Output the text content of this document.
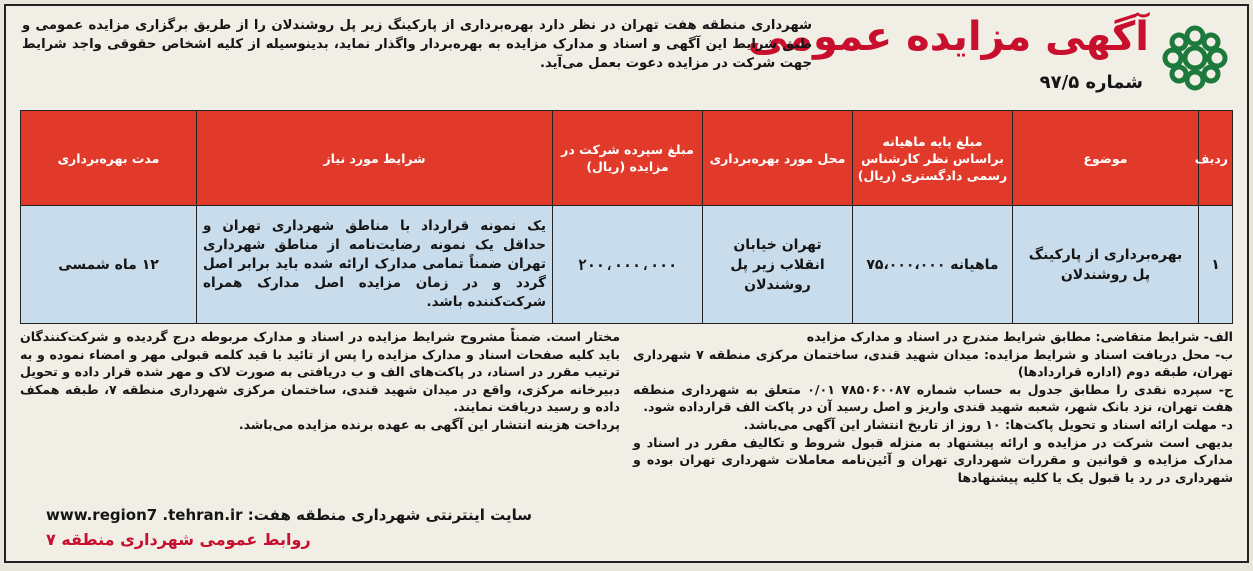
آگهی مزایده عمومی
شماره ۹۷/۵
شهرداری منطقه هفت تهران در نظر دارد بهره‌برداری از پارکینگ زیر پل روشندلان را از طریق برگزاری مزایده عمومی و طبق شرایط این آگهی و اسناد و مدارک مزایده به بهره‌بردار واگذار نماید، بدینوسیله از کلیه اشخاص حقوقی واجد شرایط جهت شرکت در مزایده دعوت بعمل می‌آید.
ردیف	موضوع	مبلغ پایه ماهیانه براساس نظر کارشناس رسمی دادگستری (ریال)	محل مورد بهره‌برداری	مبلغ سپرده شرکت در مزایده (ریال)	شرایط مورد نیاز	مدت بهره‌برداری
۱	بهره‌برداری از پارکینگ پل روشندلان	ماهیانه ۷۵،۰۰۰،۰۰۰	تهران خیابان انقلاب زیر پل روشندلان	۲۰۰،۰۰۰،۰۰۰	یک نمونه قرارداد با مناطق شهرداری تهران و حداقل یک نمونه رضایت‌نامه از مناطق شهرداری تهران ضمناً تمامی مدارک ارائه شده باید برابر اصل گردد و در زمان مزایده اصل مدارک همراه شرکت‌کننده باشد.	۱۲ ماه شمسی

الف- شرایط متقاضی: مطابق شرایط مندرج در اسناد و مدارک مزایده

ب- محل دریافت اسناد و شرایط مزایده: میدان شهید قندی، ساختمان مرکزی منطقه ۷ شهرداری تهران، طبقه دوم (اداره قراردادها)

ج- سپرده نقدی را مطابق جدول به حساب شماره ۷۸۵۰۶۰۰۸۷ ۰/۰۱ متعلق به شهرداری منطقه هفت تهران، نزد بانک شهر، شعبه شهید قندی واریز و اصل رسید آن در پاکت الف قرارداده شود.

د- مهلت ارائه اسناد و تحویل پاکت‌ها: ۱۰ روز از تاریخ انتشار این آگهی می‌باشد.

بدیهی است شرکت در مزایده و ارائه پیشنهاد به منزله قبول شروط و تکالیف مقرر در اسناد و مدارک مزایده و قوانین و مقررات شهرداری تهران و آئین‌نامه معاملات شهرداری تهران بوده و شهرداری در رد یا قبول یک یا کلیه پیشنهادها

مختار است. ضمناً مشروح شرایط مزایده در اسناد و مدارک مربوطه درج گردیده و شرکت‌کنندگان باید کلیه صفحات اسناد و مدارک مزایده را پس از تائید با قید کلمه قبولی مهر و امضاء نموده و به ترتیب مقرر در اسناد، در پاکت‌های الف و ب دریافتی به صورت لاک و مهر شده قرار داده و تحویل دبیرخانه مرکزی، واقع در میدان شهید قندی، ساختمان مرکزی شهرداری منطقه ۷، طبقه همکف داده و رسید دریافت نمایند.

پرداخت هزینه انتشار این آگهی به عهده برنده مزایده می‌باشد.

سایت اینترنتی شهرداری منطقه هفت: www.region7 .tehran.ir
روابط عمومی شهرداری منطقه ۷
